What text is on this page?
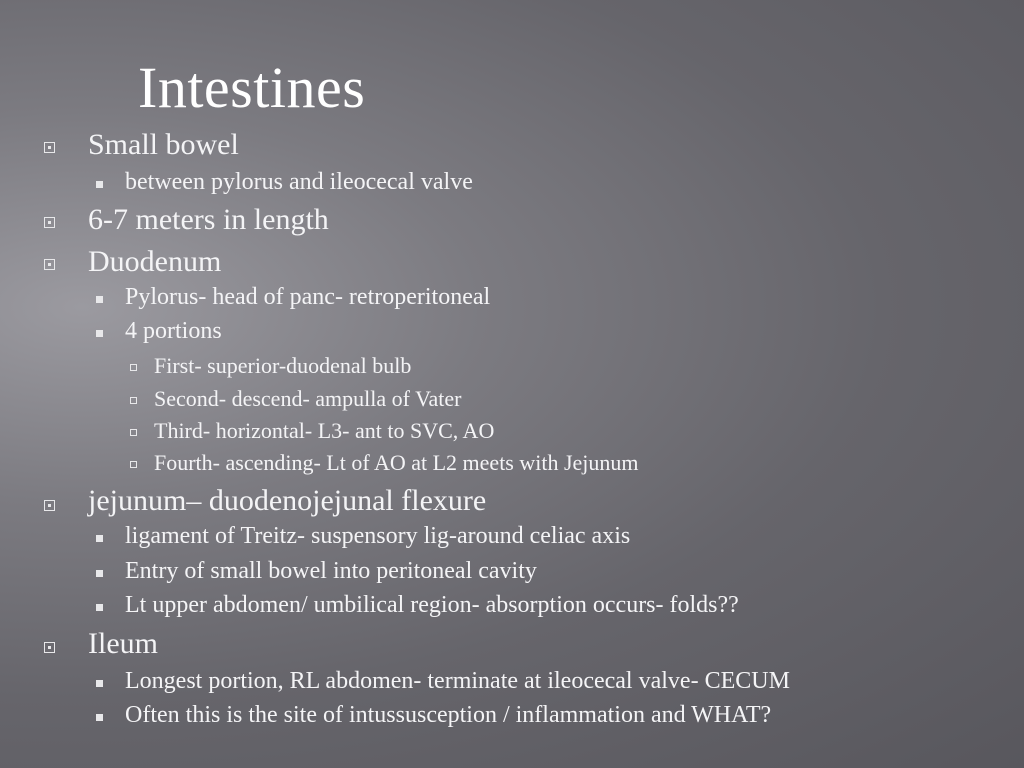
Intestines
Small bowel
between pylorus and ileocecal valve
6-7 meters in length
Duodenum
Pylorus- head of panc- retroperitoneal
4 portions
First- superior-duodenal bulb
Second- descend- ampulla of Vater
Third- horizontal- L3- ant to SVC, AO
Fourth- ascending- Lt of AO at L2 meets with Jejunum
jejunum– duodenojejunal flexure
ligament of Treitz- suspensory lig-around celiac axis
Entry of small bowel into peritoneal cavity
Lt upper abdomen/ umbilical region- absorption occurs- folds??
Ileum
Longest portion, RL abdomen- terminate at ileocecal valve- CECUM
Often this is the site of intussusception / inflammation and WHAT?
